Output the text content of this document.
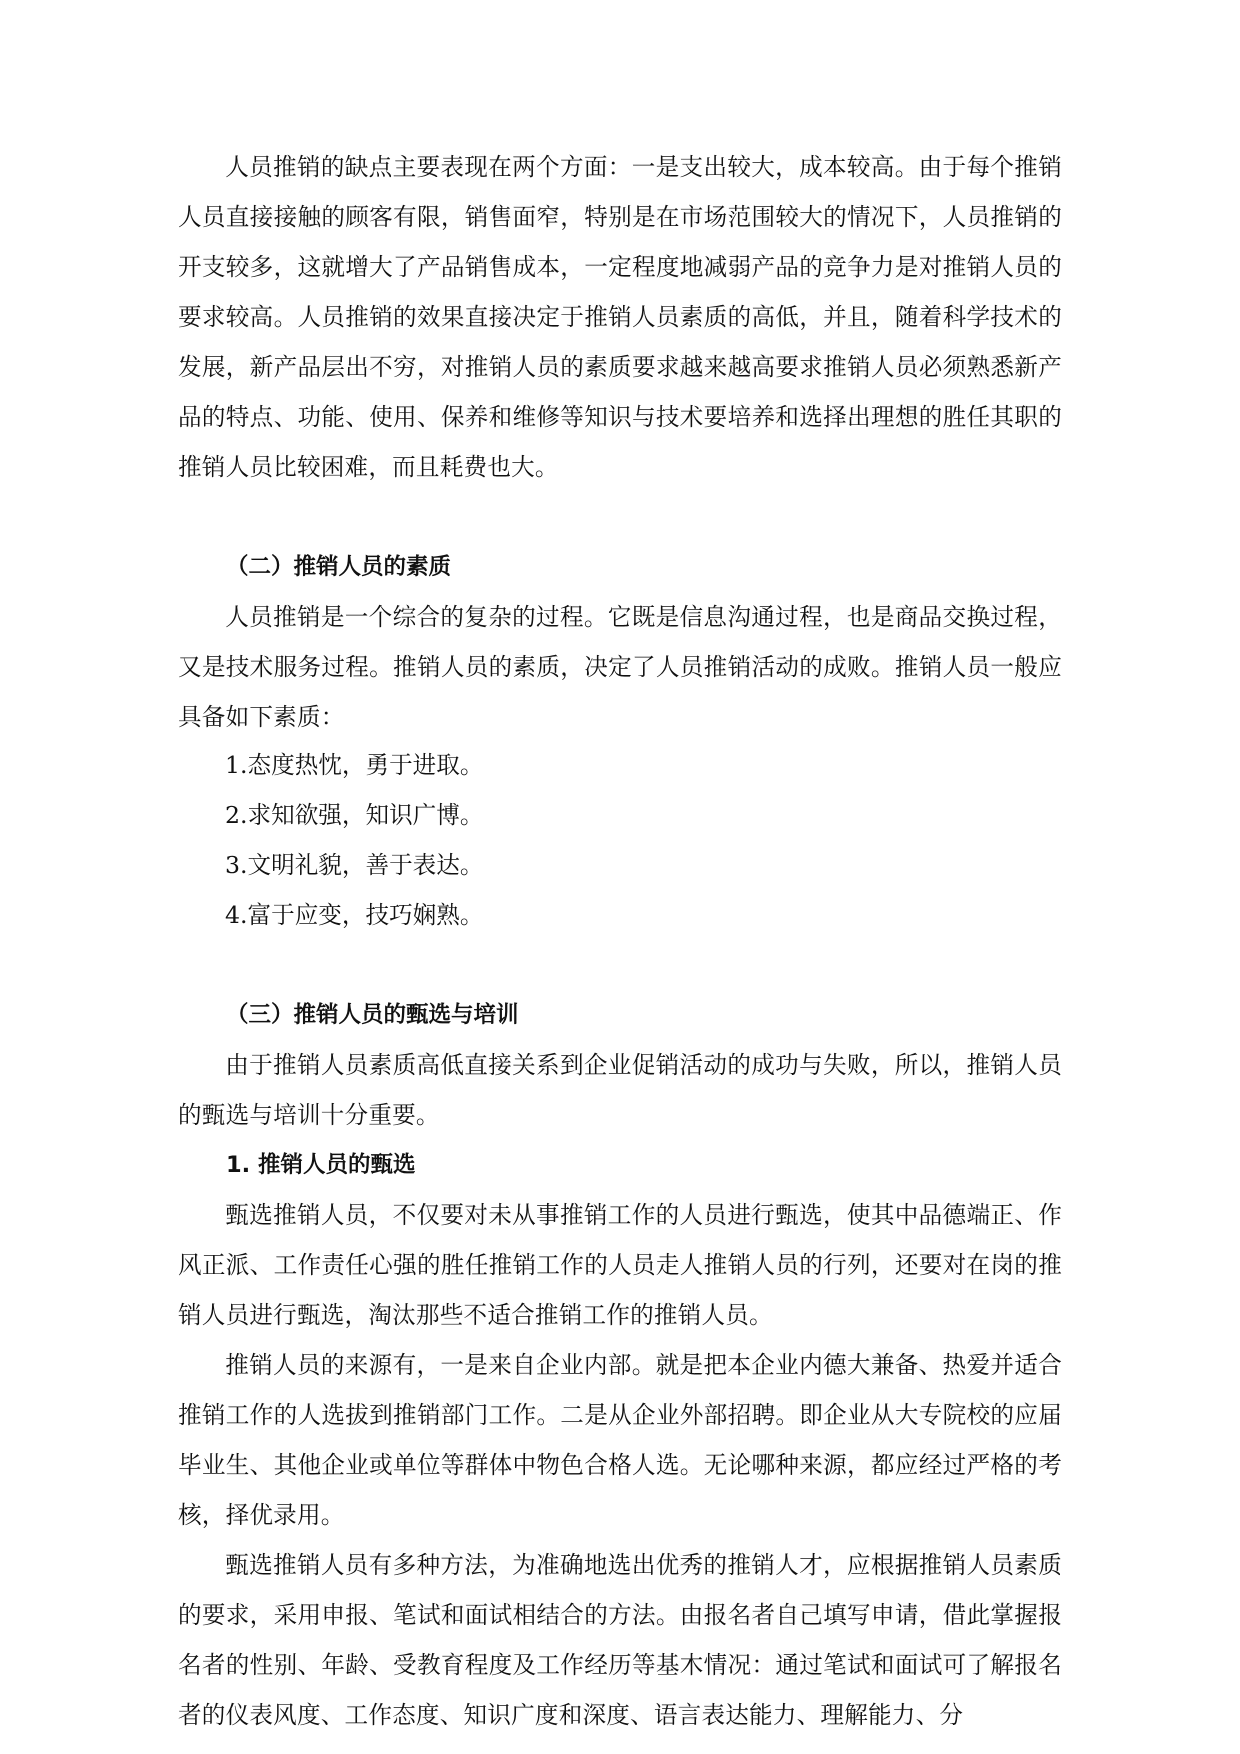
人员推销的缺点主要表现在两个方面：一是支出较大，成本较高。由于每个推销人员直接接触的顾客有限，销售面窄，特别是在市场范围较大的情况下，人员推销的开支较多，这就增大了产品销售成本，一定程度地减弱产品的竞争力是对推销人员的要求较高。人员推销的效果直接决定于推销人员素质的高低，并且，随着科学技术的发展，新产品层出不穷，对推销人员的素质要求越来越高要求推销人员必须熟悉新产品的特点、功能、使用、保养和维修等知识与技术要培养和选择出理想的胜任其职的推销人员比较困难，而且耗费也大。

（二）推销人员的素质

人员推销是一个综合的复杂的过程。它既是信息沟通过程，也是商品交换过程，又是技术服务过程。推销人员的素质，决定了人员推销活动的成败。推销人员一般应具备如下素质：

1.态度热忱，勇于进取。

2.求知欲强，知识广博。

3.文明礼貌，善于表达。

4.富于应变，技巧娴熟。

（三）推销人员的甄选与培训

由于推销人员素质高低直接关系到企业促销活动的成功与失败，所以，推销人员的甄选与培训十分重要。

1. 推销人员的甄选

甄选推销人员，不仅要对未从事推销工作的人员进行甄选，使其中品德端正、作风正派、工作责任心强的胜任推销工作的人员走人推销人员的行列，还要对在岗的推销人员进行甄选，淘汰那些不适合推销工作的推销人员。

推销人员的来源有，一是来自企业内部。就是把本企业内德大兼备、热爱并适合推销工作的人选拔到推销部门工作。二是从企业外部招聘。即企业从大专院校的应届毕业生、其他企业或单位等群体中物色合格人选。无论哪种来源，都应经过严格的考核，择优录用。

甄选推销人员有多种方法，为准确地选出优秀的推销人才，应根据推销人员素质的要求，采用申报、笔试和面试相结合的方法。由报名者自己填写申请，借此掌握报名者的性别、年龄、受教育程度及工作经历等基木情况：通过笔试和面试可了解报名者的仪表风度、工作态度、知识广度和深度、语言表达能力、理解能力、分
